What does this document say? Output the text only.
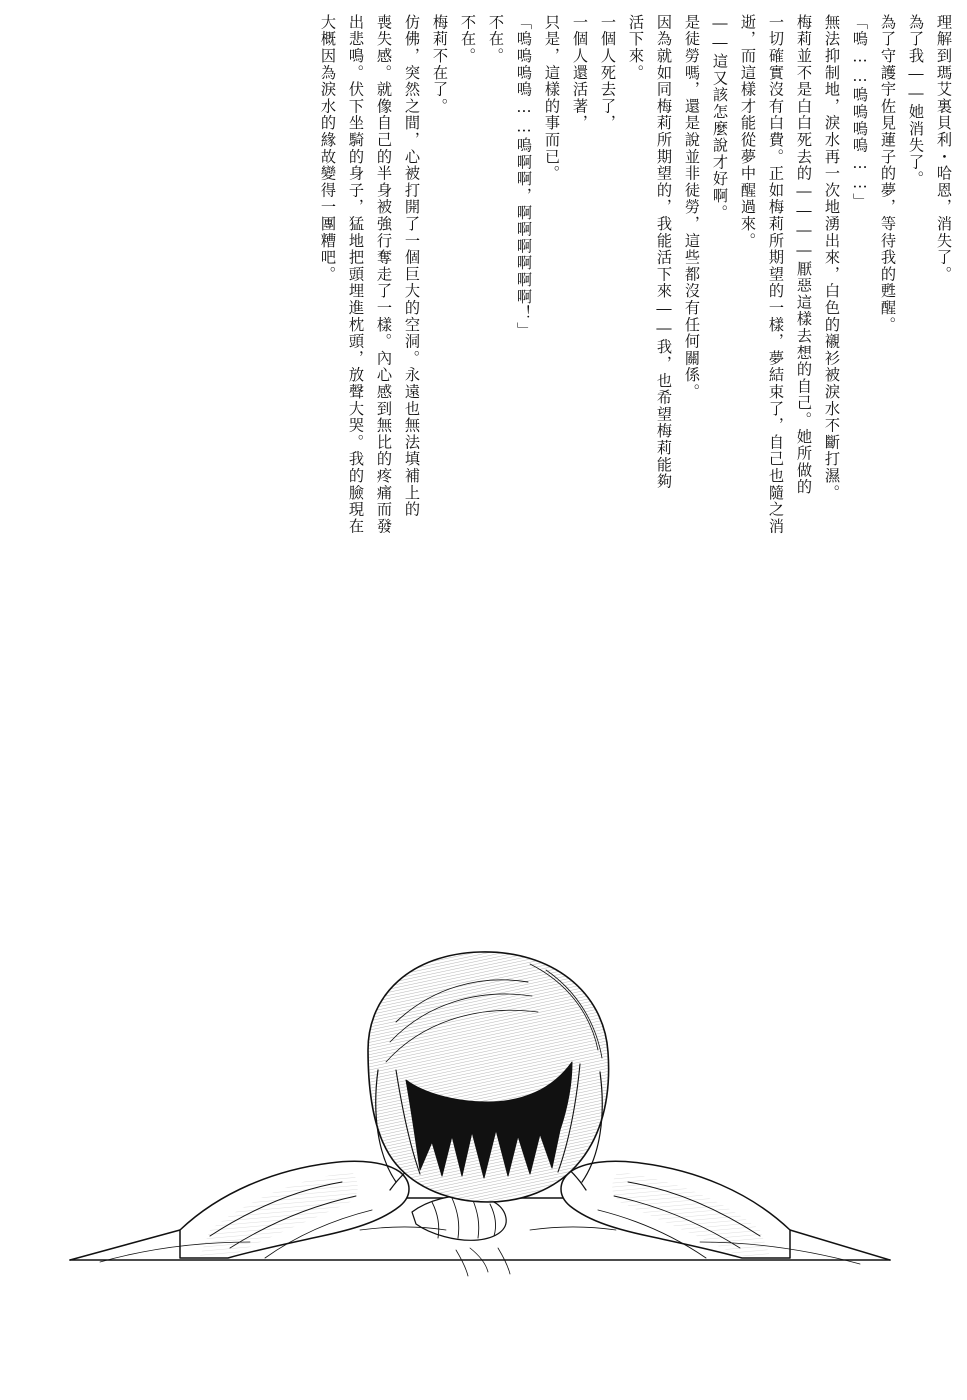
理解到瑪艾裏貝利・哈恩，消失了。
為了我――她消失了。
為了守護宇佐見蓮子的夢，等待我的甦醒。
「嗚……嗚嗚嗚嗚……」
無法抑制地，淚水再一次地湧出來，白色的襯衫被淚水不斷打濕。
梅莉並不是白白死去的――――厭惡這樣去想的自己。她所做的
一切確實沒有白費。正如梅莉所期望的一樣，夢結束了，自己也隨之消
逝，而這樣才能從夢中醒過來。
――這又該怎麼說才好啊。
是徒勞嗎，還是說並非徒勞，這些都沒有任何關係。
因為就如同梅莉所期望的，我能活下來――我，也希望梅莉能夠
活下來。
一個人死去了，
一個人還活著，
只是，這樣的事而已。
「嗚嗚嗚嗚……嗚啊啊，啊啊啊啊啊啊！」
不在。
不在。
梅莉不在了。
仿佛，突然之間，心被打開了一個巨大的空洞。永遠也無法填補上的
喪失感。就像自己的半身被強行奪走了一樣。內心感到無比的疼痛而發
出悲鳴。伏下坐騎的身子，猛地把頭埋進枕頭，放聲大哭。我的臉現在
大概因為淚水的緣故變得一團糟吧。
